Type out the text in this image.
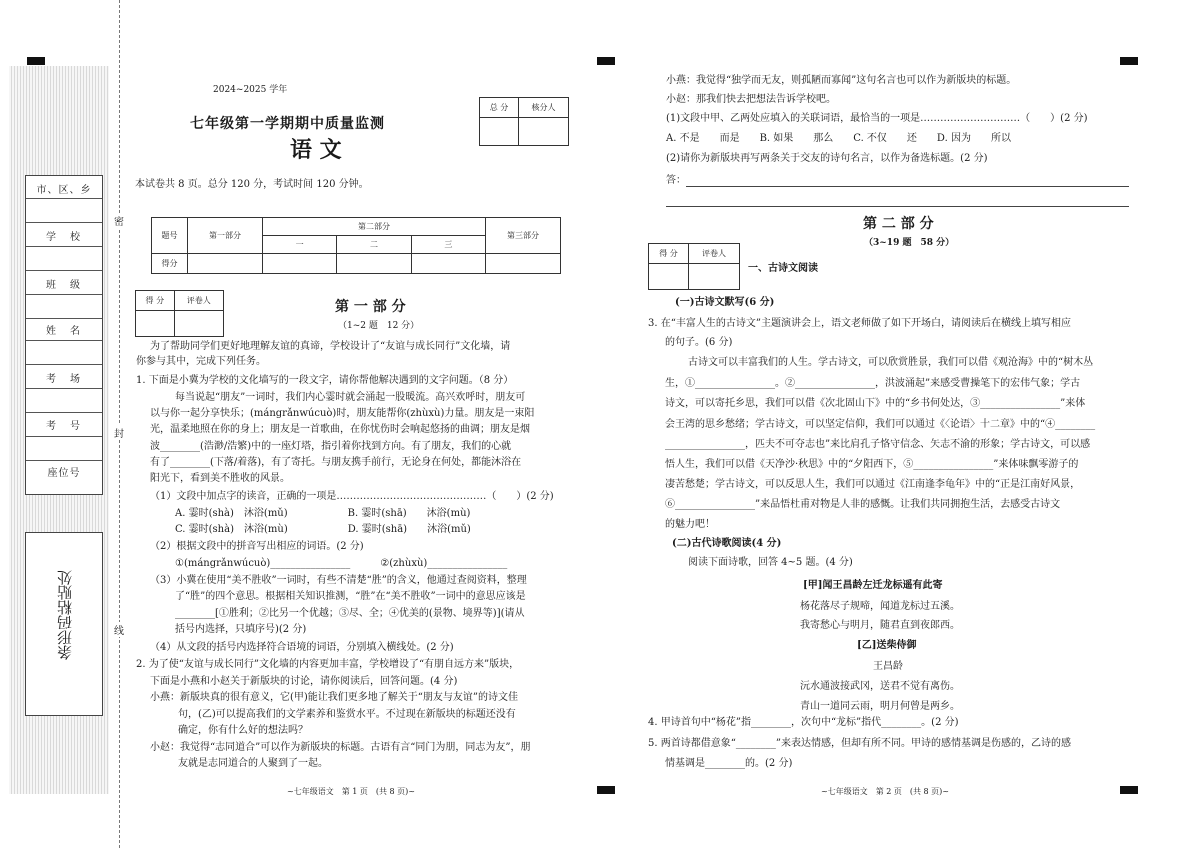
市、区、乡
学　校
班　级
姓　名
考　场
考　号
座位号
条形码粘贴处
密
封
线
2024~2025 学年
七年级第一学期期中质量监测
语 文
总 分	核分人

本试卷共 8 页。总分 120 分，考试时间 120 分钟。
题号	第一部分	第二部分			第三部分
		一	二	三	
得分					
得 分	评卷人
		第 一 部 分
（1~2 题　12 分）
为了帮助同学们更好地理解友谊的真谛，学校设计了“友谊与成长同行”文化墙，请
你参与其中，完成下列任务。
1. 下面是小冀为学校的文化墙写的一段文字，请你帮他解决遇到的文字问题。（8 分）
每当说起“朋友”一词时，我们内心霎时就会涌起一股暖流。高兴欢呼时，朋友可
以与你一起分享快乐；(mángrǎnwúcuò)时，朋友能帮你(zhùxù)力量。朋友是一束阳
光，温柔地照在你的身上；朋友是一首歌曲，在你忧伤时会响起悠扬的曲调；朋友是烟
波________(浩渺/浩繁)中的一座灯塔，指引着你找到方向。有了朋友，我们的心就
有了________(下落/着落)，有了寄托。与朋友携手前行，无论身在何处，都能沐浴在
阳光下，看到美不胜收的风景。
（1）文段中加点字的读音，正确的一项是………………………………………（　　）(2 分)
A. 霎时(shà)　沐浴(mǔ)　　　　　　B. 霎时(shā)　　沐浴(mù)
C. 霎时(shà)　沐浴(mù)　　　　　　D. 霎时(shā)　　沐浴(mǔ)
（2）根据文段中的拼音写出相应的词语。(2 分)
①(mángrǎnwúcuò)________________　　　②(zhùxù)________________
（3）小冀在使用“美不胜收”一词时，有些不清楚“胜”的含义，他通过查阅资料，整理
了“胜”的四个意思。根据相关知识推测，“胜”在“美不胜收”一词中的意思应该是
________[①胜利；②比另一个优越；③尽、全；④优美的(景物、境界等)](请从
括号内选择，只填序号)(2 分)
（4）从文段的括号内选择符合语境的词语，分别填入横线处。(2 分)
2. 为了使“友谊与成长同行”文化墙的内容更加丰富，学校增设了“有朋自远方来”版块，
下面是小燕和小赵关于新版块的讨论，请你阅读后，回答问题。(4 分)
小燕：新版块真的很有意义，它(甲)能让我们更多地了解关于“朋友与友谊”的诗文佳
句，(乙)可以提高我们的文学素养和鉴赏水平。不过现在新版块的标题还没有
确定，你有什么好的想法吗？
小赵：我觉得“志同道合”可以作为新版块的标题。古语有言“同门为朋，同志为友”，朋
友就是志同道合的人聚到了一起。
~七年级语文　第 1 页　(共 8 页)~
小燕：我觉得“独学而无友，则孤陋而寡闻”这句名言也可以作为新版块的标题。
小赵：那我们快去把想法告诉学校吧。
(1)文段中甲、乙两处应填入的关联词语，最恰当的一项是…………………………（　　）(2 分)
A. 不是　　而是　　B. 如果　　那么　　C. 不仅　　还　　D. 因为　　所以
(2)请你为新版块再写两条关于交友的诗句名言，以作为备选标题。(2 分)
答：
第 二 部 分
（3~19 题　58 分）
得 分	评卷人

一、古诗文阅读
(一)古诗文默写(6 分)
3. 在“丰富人生的古诗文”主题演讲会上，语文老师做了如下开场白，请阅读后在横线上填写相应
的句子。(6 分)
古诗文可以丰富我们的人生。学古诗文，可以欣赏胜景，我们可以借《观沧海》中的“树木丛
生，①________________。②________________，洪波涌起”来感受曹操笔下的宏伟气象；学古
诗文，可以寄托乡思，我们可以借《次北固山下》中的“乡书何处达，③________________”来体
会王湾的思乡愁绪；学古诗文，可以坚定信仰，我们可以通过《〈论语〉十二章》中的“④________
________________，匹夫不可夺志也”来比肩孔子恪守信念、矢志不渝的形象；学古诗文，可以感
悟人生，我们可以借《天净沙·秋思》中的“夕阳西下，⑤________________”来体味飘零游子的
凄苦愁楚；学古诗文，可以反思人生，我们可以通过《江南逢李龟年》中的“正是江南好风景，
⑥________________”来品悟杜甫对物是人非的感慨。让我们共同拥抱生活，去感受古诗文
的魅力吧！
(二)古代诗歌阅读(4 分)
阅读下面诗歌，回答 4~5 题。(4 分)
[甲]闻王昌龄左迁龙标遥有此寄
杨花落尽子规啼，闻道龙标过五溪。
我寄愁心与明月，随君直到夜郎西。
[乙]送柴侍御
王昌龄
沅水通波接武冈，送君不觉有离伤。
青山一道同云雨，明月何曾是两乡。
4. 甲诗首句中“杨花”指________，次句中“龙标”指代________。(2 分)
5. 两首诗都借意象“________”来表达情感，但却有所不同。甲诗的感情基调是伤感的，乙诗的感
情基调是________的。(2 分)
~七年级语文　第 2 页　(共 8 页)~
